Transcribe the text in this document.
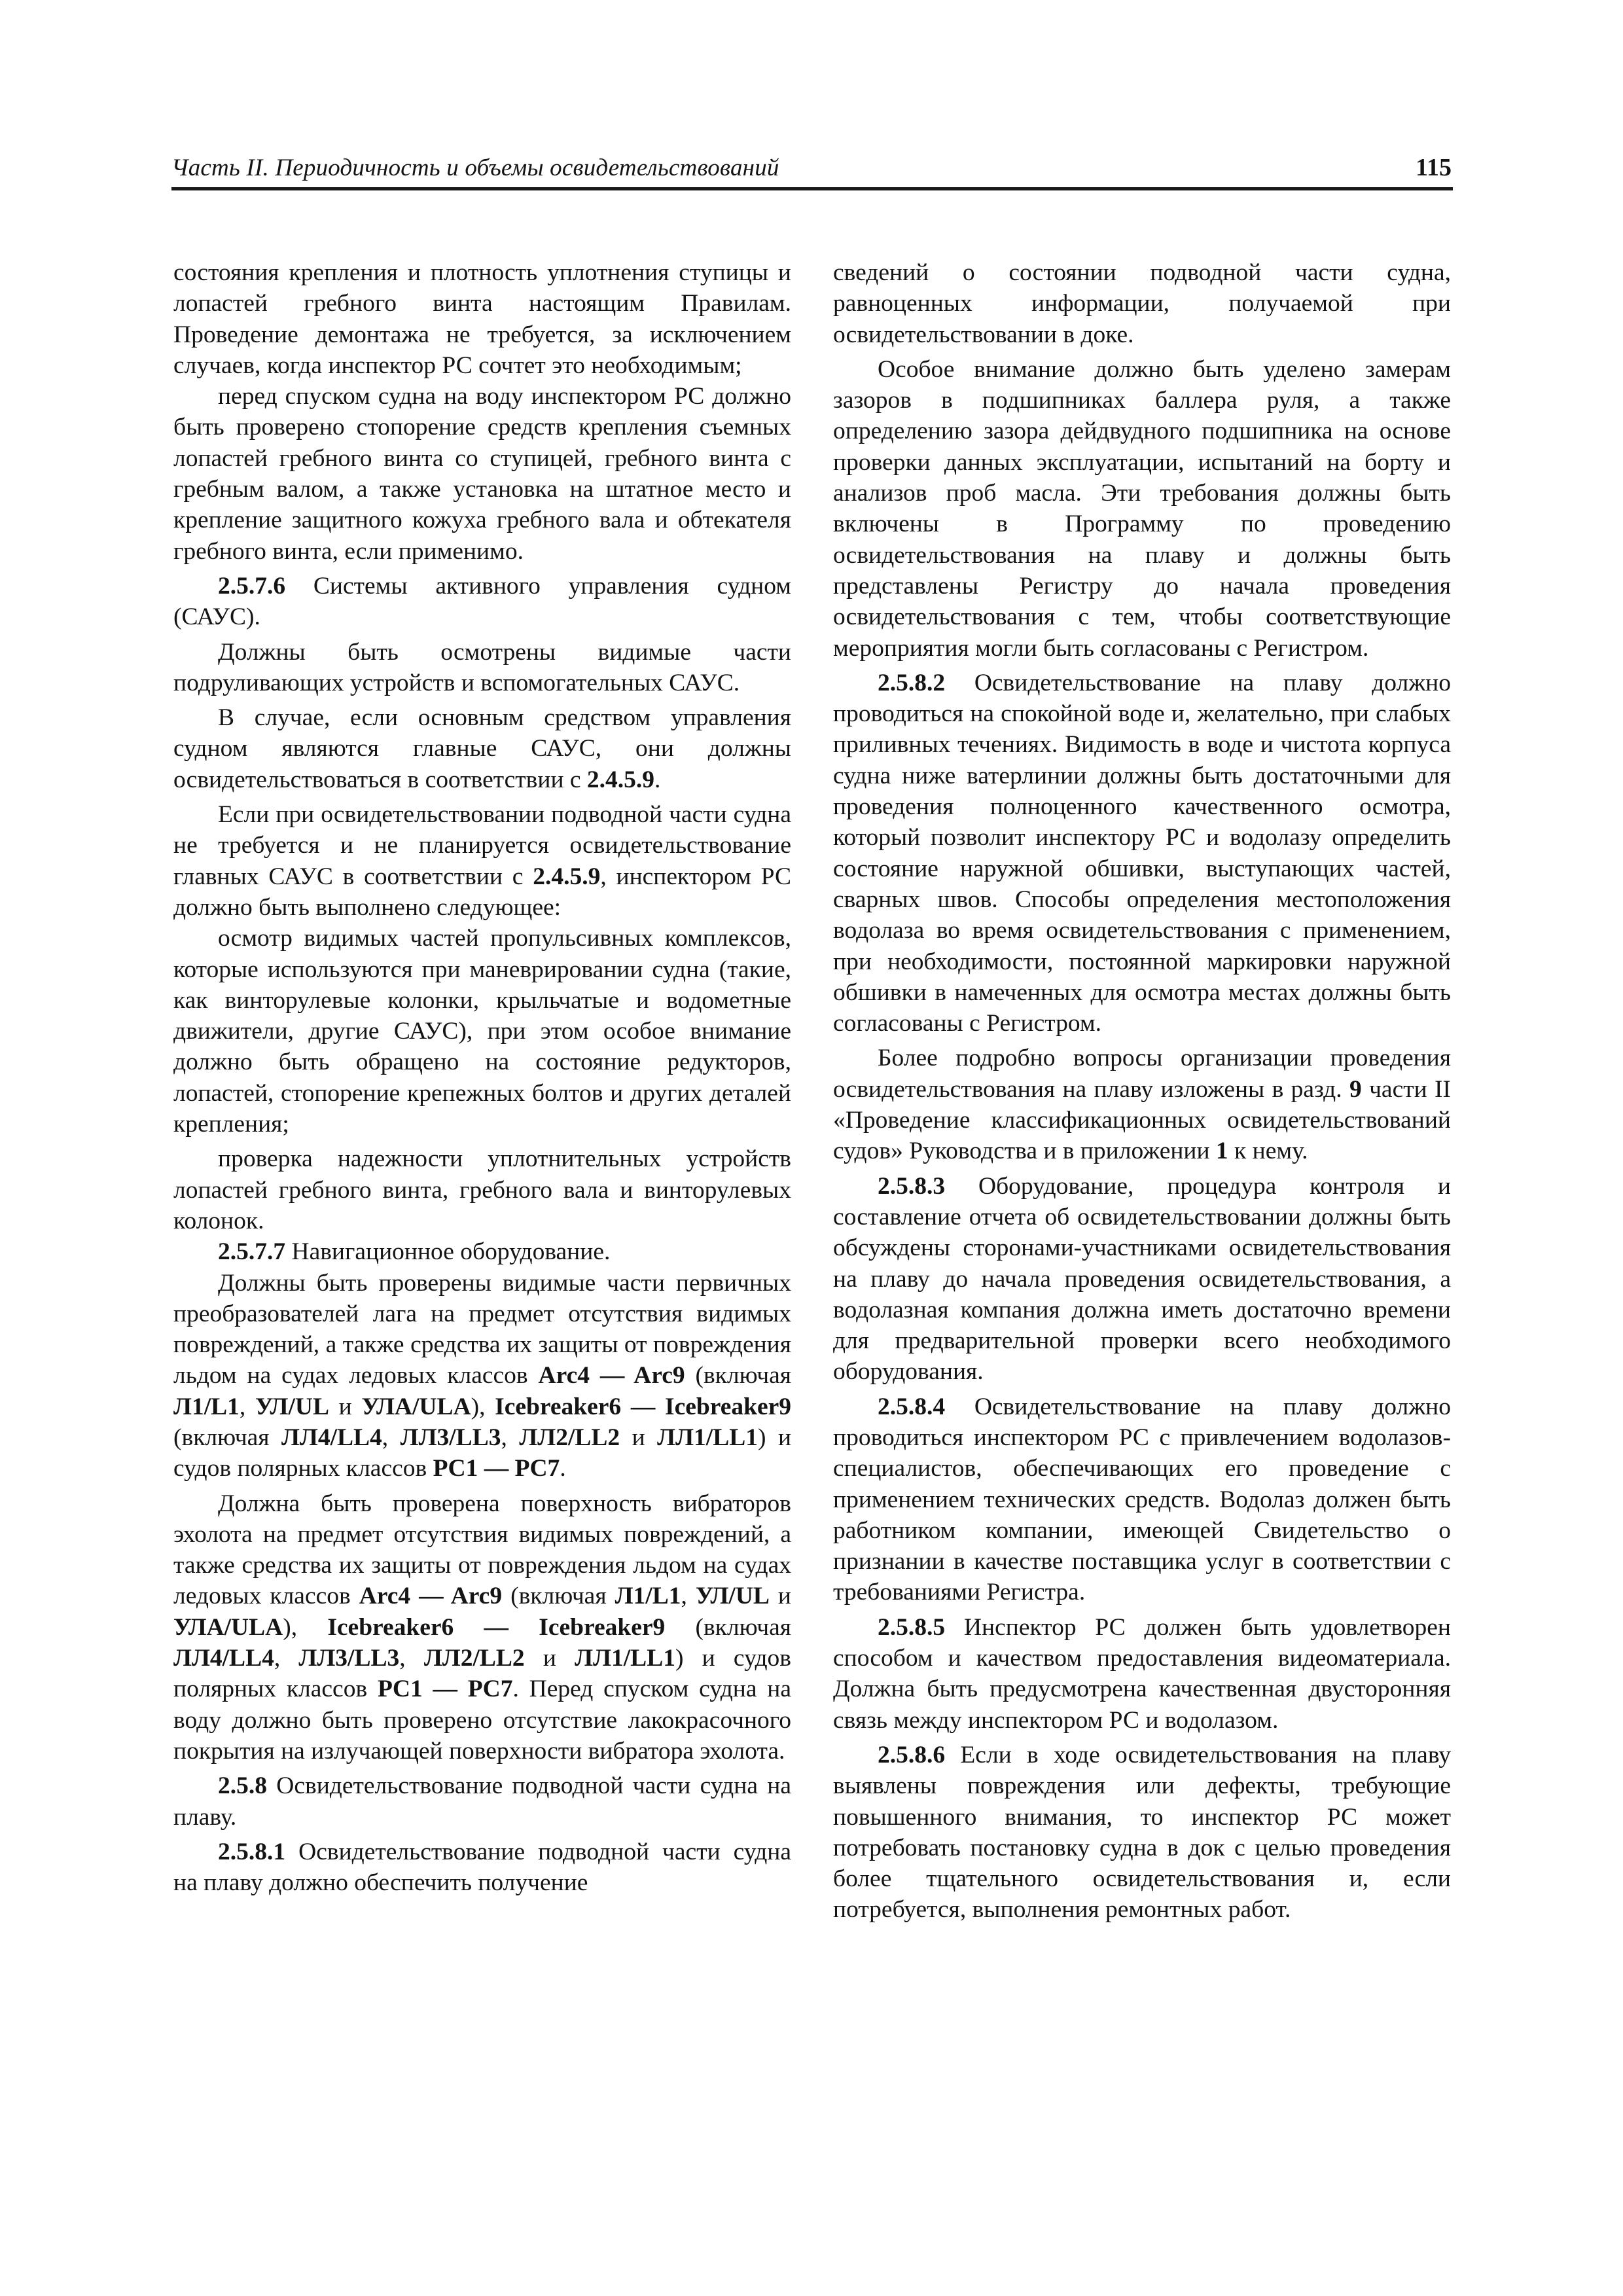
Часть II. Периодичность и объемы освидетельствований	115

состояния крепления и плотность уплотнения ступицы и лопастей гребного винта настоящим Правилам. Проведение демонтажа не требуется, за исключением случаев, когда инспектор РС сочтет это необходимым;

перед спуском судна на воду инспектором РС должно быть проверено стопорение средств крепления съемных лопастей гребного винта со ступицей, гребного винта с гребным валом, а также установка на штатное место и крепление защитного кожуха гребного вала и обтекателя гребного винта, если применимо.

2.5.7.6 Системы активного управления судном (САУС).

Должны быть осмотрены видимые части подруливающих устройств и вспомогательных САУС.

В случае, если основным средством управления судном являются главные САУС, они должны освидетельствоваться в соответствии с 2.4.5.9.

Если при освидетельствовании подводной части судна не требуется и не планируется освидетельствование главных САУС в соответствии с 2.4.5.9, инспектором РС должно быть выполнено следующее:

осмотр видимых частей пропульсивных комплексов, которые используются при маневрировании судна (такие, как винторулевые колонки, крыльчатые и водометные движители, другие САУС), при этом особое внимание должно быть обращено на состояние редукторов, лопастей, стопорение крепежных болтов и других деталей крепления;

проверка надежности уплотнительных устройств лопастей гребного винта, гребного вала и винторулевых колонок.

2.5.7.7 Навигационное оборудование.

Должны быть проверены видимые части первичных преобразователей лага на предмет отсутствия видимых повреждений, а также средства их защиты от повреждения льдом на судах ледовых классов Arc4 — Arc9 (включая Л1/L1, УЛ/UL и УЛА/ULA), Icebreaker6 — Icebreaker9 (включая ЛЛ4/LL4, ЛЛ3/LL3, ЛЛ2/LL2 и ЛЛ1/LL1) и судов полярных классов PC1 — PC7.

Должна быть проверена поверхность вибраторов эхолота на предмет отсутствия видимых повреждений, а также средства их защиты от повреждения льдом на судах ледовых классов Arc4 — Arc9 (включая Л1/L1, УЛ/UL и УЛА/ULA), Icebreaker6 — Icebreaker9 (включая ЛЛ4/LL4, ЛЛ3/LL3, ЛЛ2/LL2 и ЛЛ1/LL1) и судов полярных классов PC1 — PC7. Перед спуском судна на воду должно быть проверено отсутствие лакокрасочного покрытия на излучающей поверхности вибратора эхолота.

2.5.8 Освидетельствование подводной части судна на плаву.

2.5.8.1 Освидетельствование подводной части судна на плаву должно обеспечить получение

сведений о состоянии подводной части судна, равноценных информации, получаемой при освидетельствовании в доке.

Особое внимание должно быть уделено замерам зазоров в подшипниках баллера руля, а также определению зазора дейдвудного подшипника на основе проверки данных эксплуатации, испытаний на борту и анализов проб масла. Эти требования должны быть включены в Программу по проведению освидетельствования на плаву и должны быть представлены Регистру до начала проведения освидетельствования с тем, чтобы соответствующие мероприятия могли быть согласованы с Регистром.

2.5.8.2 Освидетельствование на плаву должно проводиться на спокойной воде и, желательно, при слабых приливных течениях. Видимость в воде и чистота корпуса судна ниже ватерлинии должны быть достаточными для проведения полноценного качественного осмотра, который позволит инспектору РС и водолазу определить состояние наружной обшивки, выступающих частей, сварных швов. Способы определения местоположения водолаза во время освидетельствования с применением, при необходимости, постоянной маркировки наружной обшивки в намеченных для осмотра местах должны быть согласованы с Регистром.

Более подробно вопросы организации проведения освидетельствования на плаву изложены в разд. 9 части II «Проведение классификационных освидетельствований судов» Руководства и в приложении 1 к нему.

2.5.8.3 Оборудование, процедура контроля и составление отчета об освидетельствовании должны быть обсуждены сторонами-участниками освидетельствования на плаву до начала проведения освидетельствования, а водолазная компания должна иметь достаточно времени для предварительной проверки всего необходимого оборудования.

2.5.8.4 Освидетельствование на плаву должно проводиться инспектором РС с привлечением водолазов-специалистов, обеспечивающих его проведение с применением технических средств. Водолаз должен быть работником компании, имеющей Свидетельство о признании в качестве поставщика услуг в соответствии с требованиями Регистра.

2.5.8.5 Инспектор РС должен быть удовлетворен способом и качеством предоставления видеоматериала. Должна быть предусмотрена качественная двусторонняя связь между инспектором РС и водолазом.

2.5.8.6 Если в ходе освидетельствования на плаву выявлены повреждения или дефекты, требующие повышенного внимания, то инспектор РС может потребовать постановку судна в док с целью проведения более тщательного освидетельствования и, если потребуется, выполнения ремонтных работ.
